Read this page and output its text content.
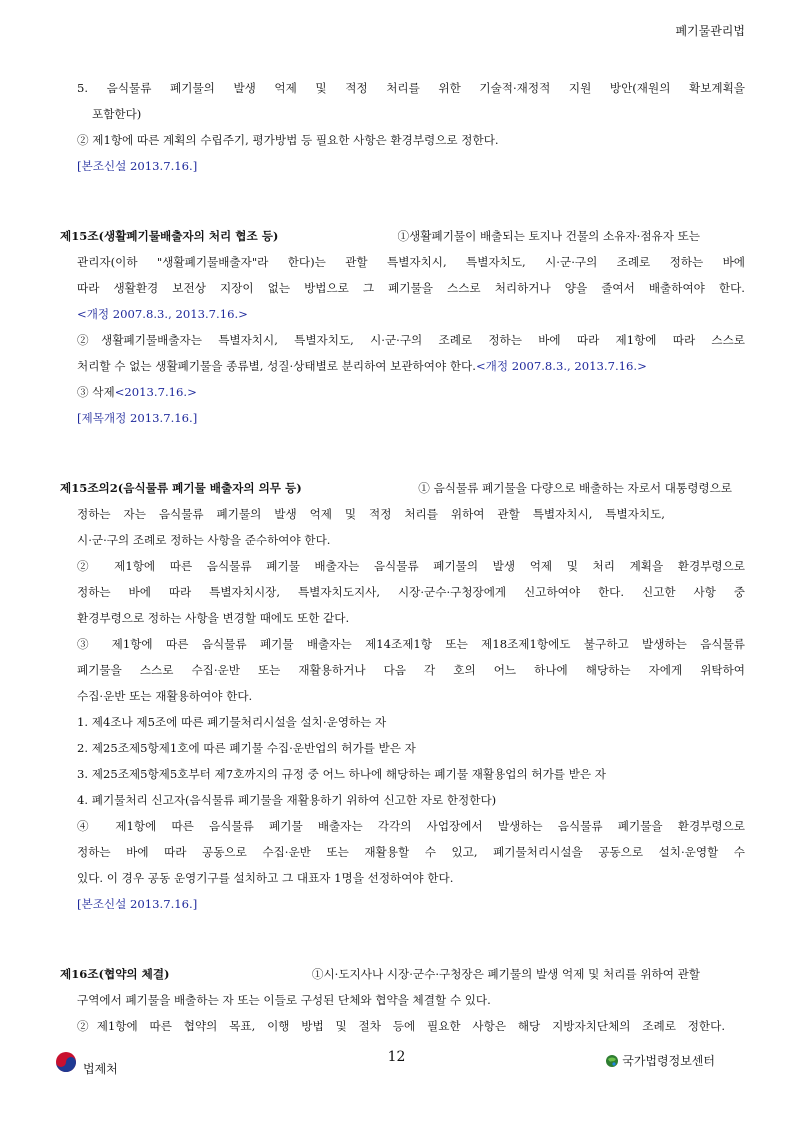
폐기물관리법
5. 음식물류 폐기물의 발생 억제 및 적정 처리를 위한 기술적·재정적 지원 방안(재원의 확보계획을
포함한다)
② 제1항에 따른 계획의 수립주기, 평가방법 등 필요한 사항은 환경부령으로 정한다.
[본조신설 2013.7.16.]
제15조(생활폐기물배출자의 처리 협조 등)	①생활폐기물이 배출되는 토지나 건물의 소유자·점유자 또는
관리자(이하 "생활폐기물배출자"라 한다)는 관할 특별자치시, 특별자치도, 시·군·구의 조례로 정하는 바에
따라 생활환경 보전상 지장이 없는 방법으로 그 폐기물을 스스로 처리하거나 양을 줄여서 배출하여야 한다.
<개정 2007.8.3., 2013.7.16.>
②생활폐기물배출자는 특별자치시, 특별자치도, 시·군·구의 조례로 정하는 바에 따라 제1항에 따라 스스로
처리할 수 없는 생활폐기물을 종류별, 성질·상태별로 분리하여 보관하여야 한다.<개정 2007.8.3., 2013.7.16.>
③ 삭제<2013.7.16.>
[제목개정 2013.7.16.]
제15조의2(음식물류 폐기물 배출자의 의무 등)	① 음식물류 폐기물을 다량으로 배출하는 자로서 대통령령으로
정하는 자는 음식물류 폐기물의 발생 억제 및 적정 처리를 위하여 관할 특별자치시, 특별자치도,
시·군·구의 조례로 정하는 사항을 준수하여야 한다.
② 제1항에 따른 음식물류 폐기물 배출자는 음식물류 폐기물의 발생 억제 및 처리 계획을 환경부령으로
정하는 바에 따라 특별자치시장, 특별자치도지사, 시장·군수·구청장에게 신고하여야 한다. 신고한 사항 중
환경부령으로 정하는 사항을 변경할 때에도 또한 같다.
③ 제1항에 따른 음식물류 폐기물 배출자는 제14조제1항 또는 제18조제1항에도 불구하고 발생하는 음식물류
폐기물을 스스로 수집·운반 또는 재활용하거나 다음 각 호의 어느 하나에 해당하는 자에게 위탁하여
수집·운반 또는 재활용하여야 한다.
1. 제4조나 제5조에 따른 폐기물처리시설을 설치·운영하는 자
2. 제25조제5항제1호에 따른 폐기물 수집·운반업의 허가를 받은 자
3. 제25조제5항제5호부터 제7호까지의 규정 중 어느 하나에 해당하는 폐기물 재활용업의 허가를 받은 자
4. 폐기물처리 신고자(음식물류 폐기물을 재활용하기 위하여 신고한 자로 한정한다)
④ 제1항에 따른 음식물류 폐기물 배출자는 각각의 사업장에서 발생하는 음식물류 폐기물을 환경부령으로
정하는 바에 따라 공동으로 수집·운반 또는 재활용할 수 있고, 폐기물처리시설을 공동으로 설치·운영할 수
있다. 이 경우 공동 운영기구를 설치하고 그 대표자 1명을 선정하여야 한다.
[본조신설 2013.7.16.]
제16조(협약의 체결)	①시·도지사나 시장·군수·구청장은 폐기물의 발생 억제 및 처리를 위하여 관할
구역에서 폐기물을 배출하는 자 또는 이들로 구성된 단체와 협약을 체결할 수 있다.
②제1항에 따른 협약의 목표, 이행 방법 및 절차 등에 필요한 사항은 해당 지방자치단체의 조례로 정한다.
법제처
12	국가법령정보센터
